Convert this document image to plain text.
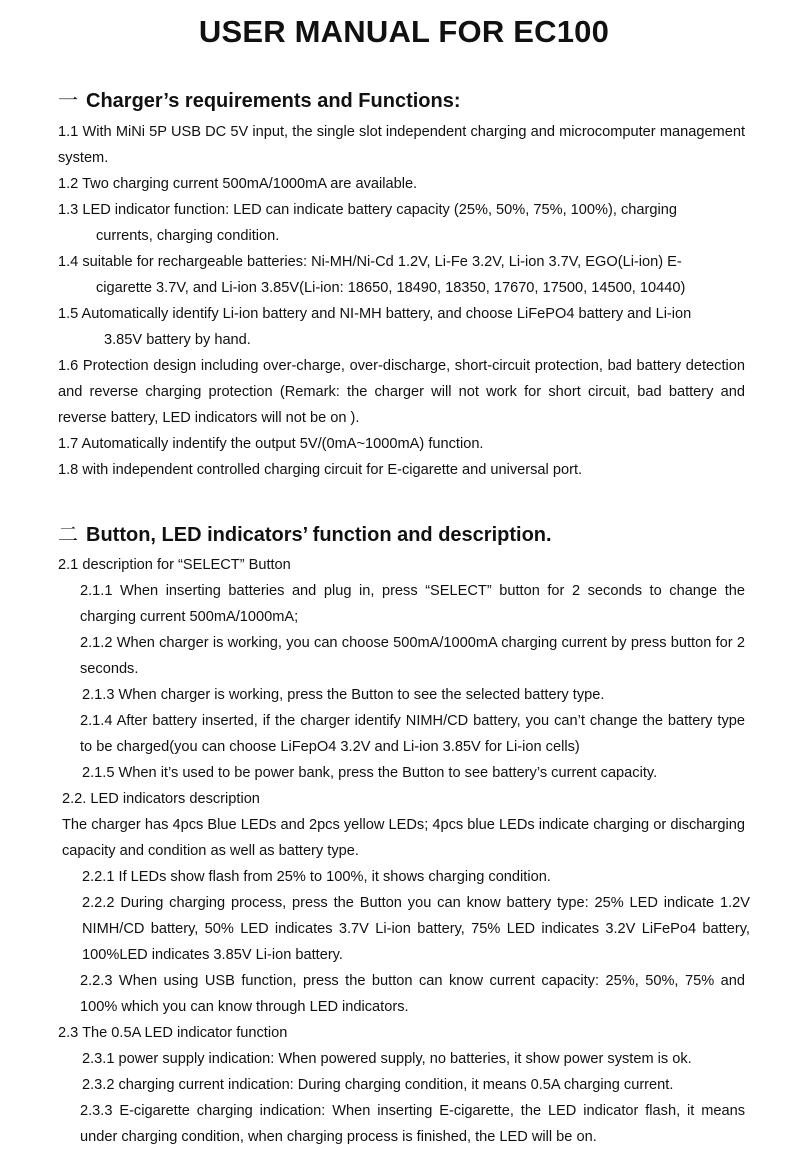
USER MANUAL FOR EC100
一 Charger’s requirements and Functions:

1.1 With MiNi 5P USB DC 5V input, the single slot independent charging and microcomputer management system.

1.2 Two charging current 500mA/1000mA are available.

1.3 LED indicator function: LED can indicate battery capacity (25%, 50%, 75%, 100%), charging

currents, charging condition.

1.4 suitable for rechargeable batteries: Ni-MH/Ni-Cd 1.2V, Li-Fe 3.2V, Li-ion 3.7V, EGO(Li-ion) E-

cigarette 3.7V, and Li-ion 3.85V(Li-ion: 18650, 18490, 18350, 17670, 17500, 14500, 10440)

1.5 Automatically identify Li-ion battery and NI-MH battery, and choose LiFePO4 battery and Li-ion

3.85V battery by hand.

1.6 Protection design including over-charge, over-discharge, short-circuit protection, bad battery detection and reverse charging protection (Remark: the charger will not work for short circuit, bad battery and reverse battery, LED indicators will not be on ).

1.7 Automatically indentify the output 5V/(0mA~1000mA) function.

1.8 with independent controlled charging circuit for E-cigarette and universal port.

二 Button, LED indicators’ function and description.

2.1 description for “SELECT” Button

2.1.1 When inserting batteries and plug in, press “SELECT” button for 2 seconds to change the charging current 500mA/1000mA;

2.1.2 When charger is working, you can choose 500mA/1000mA charging current by press button for 2 seconds.

2.1.3 When charger is working, press the Button to see the selected battery type.

2.1.4 After battery inserted, if the charger identify NIMH/CD battery, you can’t change the battery type to be charged(you can choose LiFepO4 3.2V and Li-ion 3.85V for Li-ion cells)

2.1.5 When it’s used to be power bank, press the Button to see battery’s current capacity.

2.2. LED indicators description

The charger has 4pcs Blue LEDs and 2pcs yellow LEDs; 4pcs blue LEDs indicate charging or discharging capacity and condition as well as battery type.

2.2.1 If LEDs show flash from 25% to 100%, it shows charging condition.

2.2.2 During charging process, press the Button you can know battery type: 25% LED indicate 1.2V NIMH/CD battery, 50% LED indicates 3.7V Li-ion battery, 75% LED indicates 3.2V LiFePo4 battery, 100%LED indicates 3.85V Li-ion battery.

2.2.3 When using USB function, press the button can know current capacity: 25%, 50%, 75% and 100% which you can know through LED indicators.

2.3 The 0.5A LED indicator function

2.3.1 power supply indication: When powered supply, no batteries, it show power system is ok.

2.3.2 charging current indication: During charging condition, it means 0.5A charging current.

2.3.3 E-cigarette charging indication: When inserting E-cigarette, the LED indicator flash, it means under charging condition, when charging process is finished, the LED will be on.
